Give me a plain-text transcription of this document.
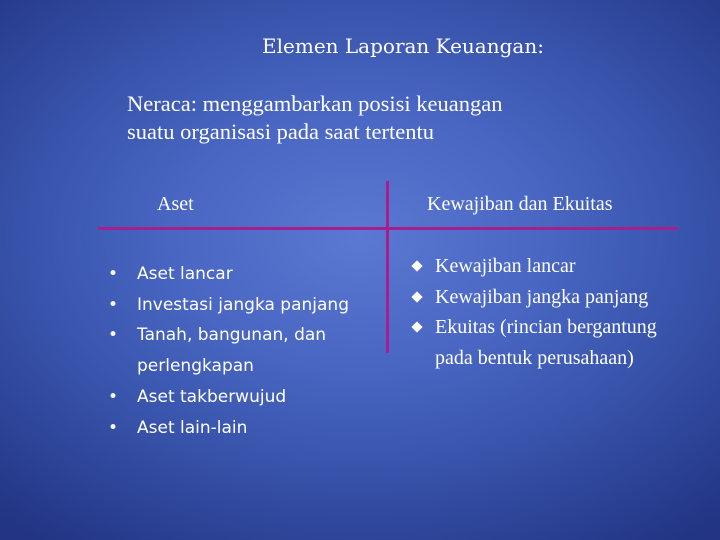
Elemen Laporan Keuangan:
Neraca: menggambarkan posisi keuangan
suatu organisasi pada saat tertentu
Aset	Kewajiban dan Ekuitas
• Aset lancar
• Investasi jangka panjang
• Tanah, bangunan, dan
perlengkapan
• Aset takberwujud
• Aset lain-lain
Kewajiban lancar
Kewajiban jangka panjang
Ekuitas (rincian bergantung
pada bentuk perusahaan)
